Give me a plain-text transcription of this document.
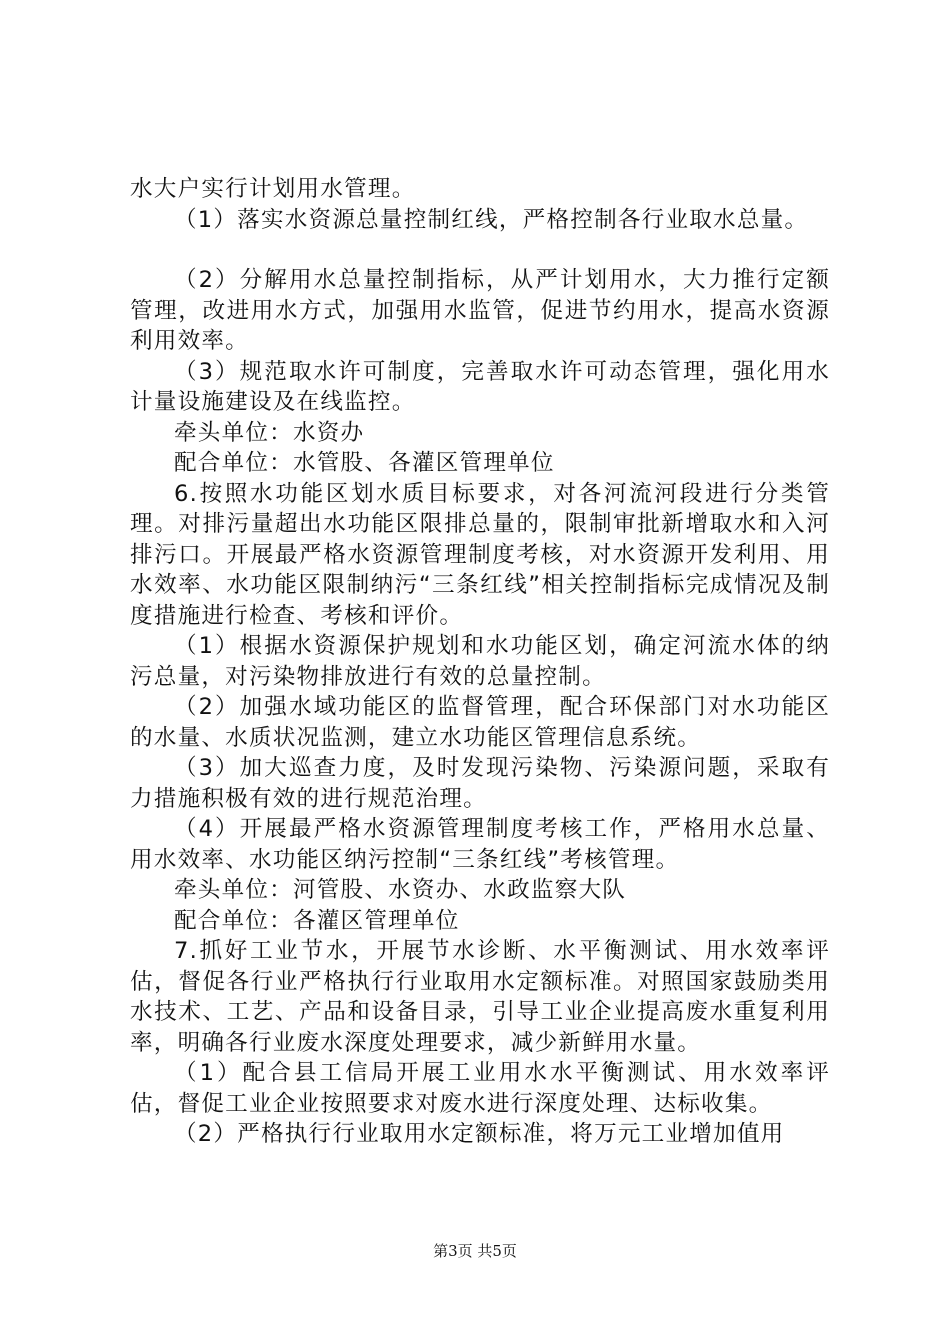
水大户实行计划用水管理。

（1）落实水资源总量控制红线，严格控制各行业取水总量。

（2）分解用水总量控制指标，从严计划用水，大力推行定额管理，改进用水方式，加强用水监管，促进节约用水，提高水资源利用效率。

（3）规范取水许可制度，完善取水许可动态管理，强化用水计量设施建设及在线监控。

牵头单位：水资办

配合单位：水管股、各灌区管理单位

6.按照水功能区划水质目标要求，对各河流河段进行分类管理。对排污量超出水功能区限排总量的，限制审批新增取水和入河排污口。开展最严格水资源管理制度考核，对水资源开发利用、用水效率、水功能区限制纳污“三条红线”相关控制指标完成情况及制度措施进行检查、考核和评价。

（1）根据水资源保护规划和水功能区划，确定河流水体的纳污总量，对污染物排放进行有效的总量控制。

（2）加强水域功能区的监督管理，配合环保部门对水功能区的水量、水质状况监测，建立水功能区管理信息系统。

（3）加大巡查力度，及时发现污染物、污染源问题，采取有力措施积极有效的进行规范治理。

（4）开展最严格水资源管理制度考核工作，严格用水总量、用水效率、水功能区纳污控制“三条红线”考核管理。

牵头单位：河管股、水资办、水政监察大队

配合单位：各灌区管理单位

7.抓好工业节水，开展节水诊断、水平衡测试、用水效率评估，督促各行业严格执行行业取用水定额标准。对照国家鼓励类用水技术、工艺、产品和设备目录，引导工业企业提高废水重复利用率，明确各行业废水深度处理要求，减少新鲜用水量。

（1）配合县工信局开展工业用水水平衡测试、用水效率评估，督促工业企业按照要求对废水进行深度处理、达标收集。

（2）严格执行行业取用水定额标准，将万元工业增加值用

第3页 共5页
